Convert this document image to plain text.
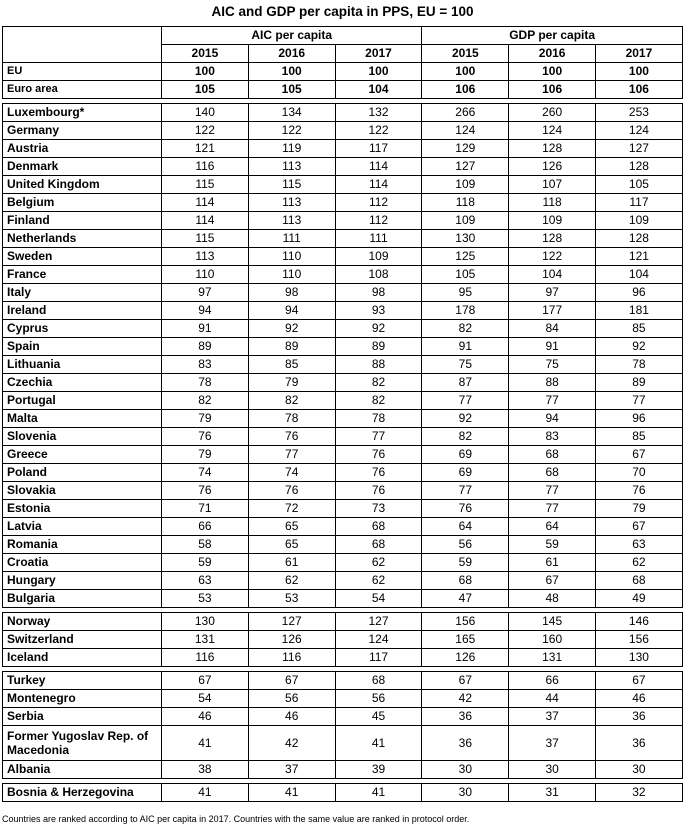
AIC and GDP per capita in PPS, EU = 100
	AIC per capita			GDP per capita		
	2015	2016	2017	2015	2016	2017
EU	100	100	100	100	100	100
Euro area	105	105	104	106	106	106

Luxembourg*	140	134	132	266	260	253
Germany	122	122	122	124	124	124
Austria	121	119	117	129	128	127
Denmark	116	113	114	127	126	128
United Kingdom	115	115	114	109	107	105
Belgium	114	113	112	118	118	117
Finland	114	113	112	109	109	109
Netherlands	115	111	111	130	128	128
Sweden	113	110	109	125	122	121
France	110	110	108	105	104	104
Italy	97	98	98	95	97	96
Ireland	94	94	93	178	177	181
Cyprus	91	92	92	82	84	85
Spain	89	89	89	91	91	92
Lithuania	83	85	88	75	75	78
Czechia	78	79	82	87	88	89
Portugal	82	82	82	77	77	77
Malta	79	78	78	92	94	96
Slovenia	76	76	77	82	83	85
Greece	79	77	76	69	68	67
Poland	74	74	76	69	68	70
Slovakia	76	76	76	77	77	76
Estonia	71	72	73	76	77	79
Latvia	66	65	68	64	64	67
Romania	58	65	68	56	59	63
Croatia	59	61	62	59	61	62
Hungary	63	62	62	68	67	68
Bulgaria	53	53	54	47	48	49

Norway	130	127	127	156	145	146
Switzerland	131	126	124	165	160	156
Iceland	116	116	117	126	131	130

Turkey	67	67	68	67	66	67
Montenegro	54	56	56	42	44	46
Serbia	46	46	45	36	37	36
Former Yugoslav Rep. of Macedonia	41	42	41	36	37	36
Albania	38	37	39	30	30	30

Bosnia & Herzegovina	41	41	41	30	31	32
Countries are ranked according to AIC per capita in 2017. Countries with the same value are ranked in protocol order.
